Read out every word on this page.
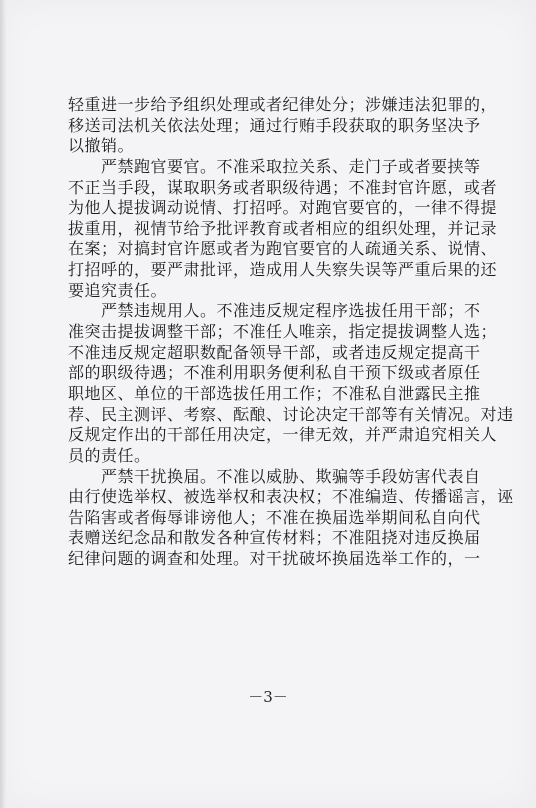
轻重进一步给予组织处理或者纪律处分；涉嫌违法犯罪的，
移送司法机关依法处理；通过行贿手段获取的职务坚决予
以撤销。
　　严禁跑官要官。不准采取拉关系、走门子或者要挟等
不正当手段，谋取职务或者职级待遇；不准封官许愿，或者
为他人提拔调动说情、打招呼。对跑官要官的，一律不得提
拔重用，视情节给予批评教育或者相应的组织处理，并记录
在案；对搞封官许愿或者为跑官要官的人疏通关系、说情、
打招呼的，要严肃批评，造成用人失察失误等严重后果的还
要追究责任。
　　严禁违规用人。不准违反规定程序选拔任用干部；不
准突击提拔调整干部；不准任人唯亲，指定提拔调整人选；
不准违反规定超职数配备领导干部，或者违反规定提高干
部的职级待遇；不准利用职务便利私自干预下级或者原任
职地区、单位的干部选拔任用工作；不准私自泄露民主推
荐、民主测评、考察、酝酿、讨论决定干部等有关情况。对违
反规定作出的干部任用决定，一律无效，并严肃追究相关人
员的责任。
　　严禁干扰换届。不准以威胁、欺骗等手段妨害代表自
由行使选举权、被选举权和表决权；不准编造、传播谣言，诬
告陷害或者侮辱诽谤他人；不准在换届选举期间私自向代
表赠送纪念品和散发各种宣传材料；不准阻挠对违反换届
纪律问题的调查和处理。对干扰破坏换届选举工作的，一
－3－
